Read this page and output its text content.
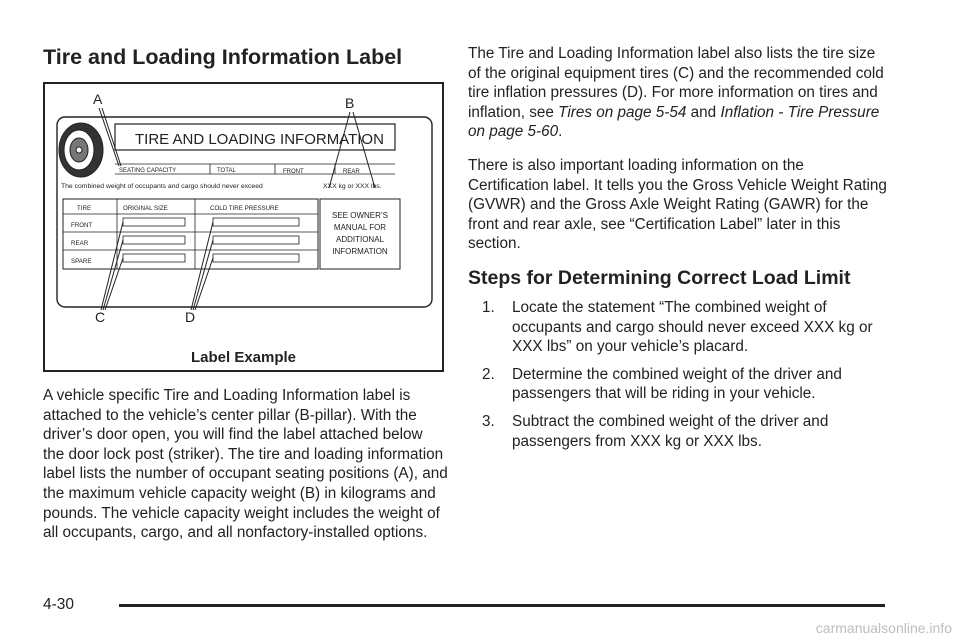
Tire and Loading Information Label
TIRE AND LOADING INFORMATION
SEATING CAPACITY	TOTAL	FRONT	REAR
The combined weight of occupants and cargo should never exceed	XXX kg or XXX lbs.
TIRE	ORIGINAL SIZE	COLD TIRE PRESSURE
FRONT
REAR
SPARE
SEE OWNER’S
MANUAL FOR
ADDITIONAL
INFORMATION
A	B
C	D
Label Example

A vehicle specific Tire and Loading Information label is attached to the vehicle’s center pillar (B-pillar). With the driver’s door open, you will find the label attached below the door lock post (striker). The tire and loading information label lists the number of occupant seating positions (A), and the maximum vehicle capacity weight (B) in kilograms and pounds. The vehicle capacity weight includes the weight of all occupants, cargo, and all nonfactory-installed options.

The Tire and Loading Information label also lists the tire size of the original equipment tires (C) and the recommended cold tire inflation pressures (D). For more information on tires and inflation, see Tires on page 5-54 and Inflation - Tire Pressure on page 5-60.

There is also important loading information on the Certification label. It tells you the Gross Vehicle Weight Rating (GVWR) and the Gross Axle Weight Rating (GAWR) for the front and rear axle, see “Certification Label” later in this section.

Steps for Determining Correct Load Limit
1. Locate the statement “The combined weight of occupants and cargo should never exceed XXX kg or XXX lbs” on your vehicle’s placard.
2. Determine the combined weight of the driver and passengers that will be riding in your vehicle.
3. Subtract the combined weight of the driver and passengers from XXX kg or XXX lbs.
4-30
carmanualsonline.info
